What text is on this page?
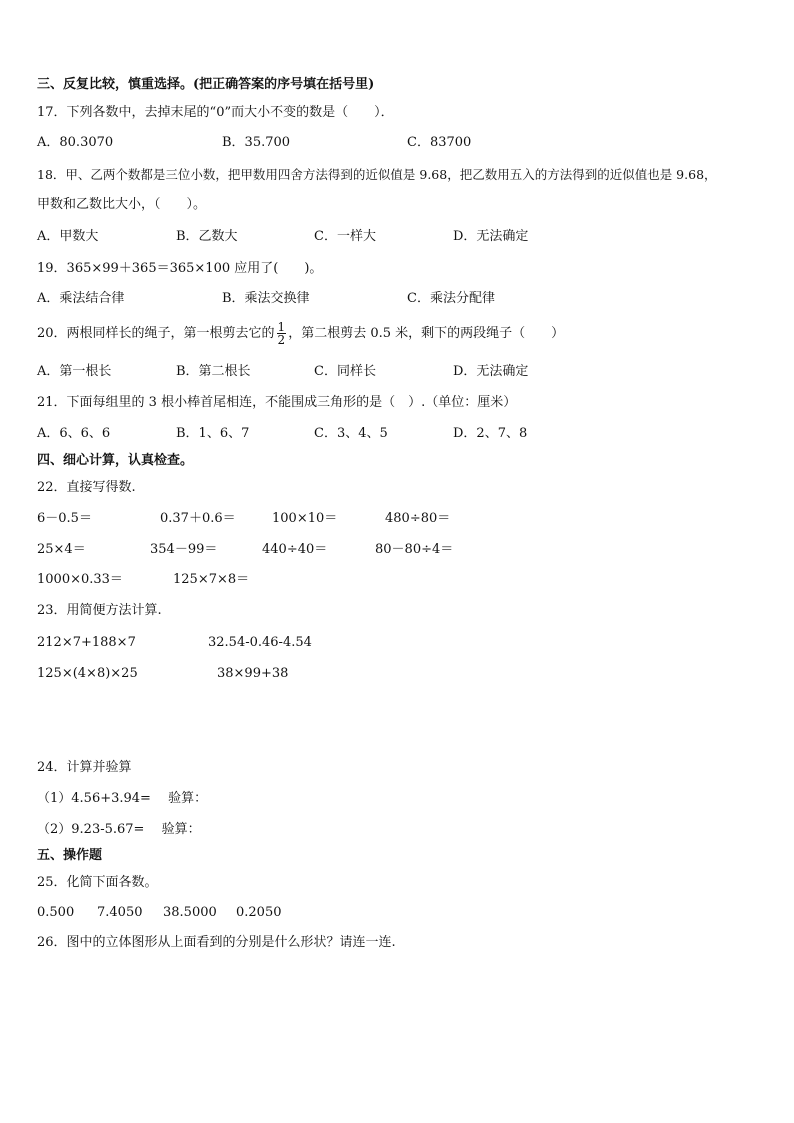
三、反复比较，慎重选择。(把正确答案的序号填在括号里)
17．下列各数中，去掉末尾的“0”而大小不变的数是（　　）．
A．80.3070	B．35.700	C．83700
18．甲、乙两个数都是三位小数，把甲数用四舍方法得到的近似值是 9.68，把乙数用五入的方法得到的近似值也是 9.68，
甲数和乙数比大小，（　　）。
A．甲数大	B．乙数大	C．一样大	D．无法确定
19．365×99＋365＝365×100 应用了(　　)。
A．乘法结合律	B．乘法交换律	C．乘法分配律
20．两根同样长的绳子，第一根剪去它的 $\frac{1}{2}$ ，第二根剪去 0.5 米，剩下的两段绳子（　　）
A．第一根长	B．第二根长	C．同样长	D．无法确定
21．下面每组里的 3 根小棒首尾相连，不能围成三角形的是（　）.（单位：厘米）
A．6、6、6	B．1、6、7	C．3、4、5	D．2、7、8
四、细心计算，认真检查。
22．直接写得数.
6－0.5＝	0.37＋0.6＝	100×10＝	480÷80＝
25×4＝	354－99＝	440÷40＝	80－80÷4＝
1000×0.33＝	125×7×8＝
23．用简便方法计算.
212×7+188×7	32.54-0.46-4.54
125×(4×8)×25	38×99+38
24．计算并验算
（1）4.56+3.94=　 验算：
（2）9.23-5.67=　 验算：
五、操作题
25．化简下面各数。
0.500 7.4050 38.5000 0.2050
26．图中的立体图形从上面看到的分别是什么形状？请连一连.
